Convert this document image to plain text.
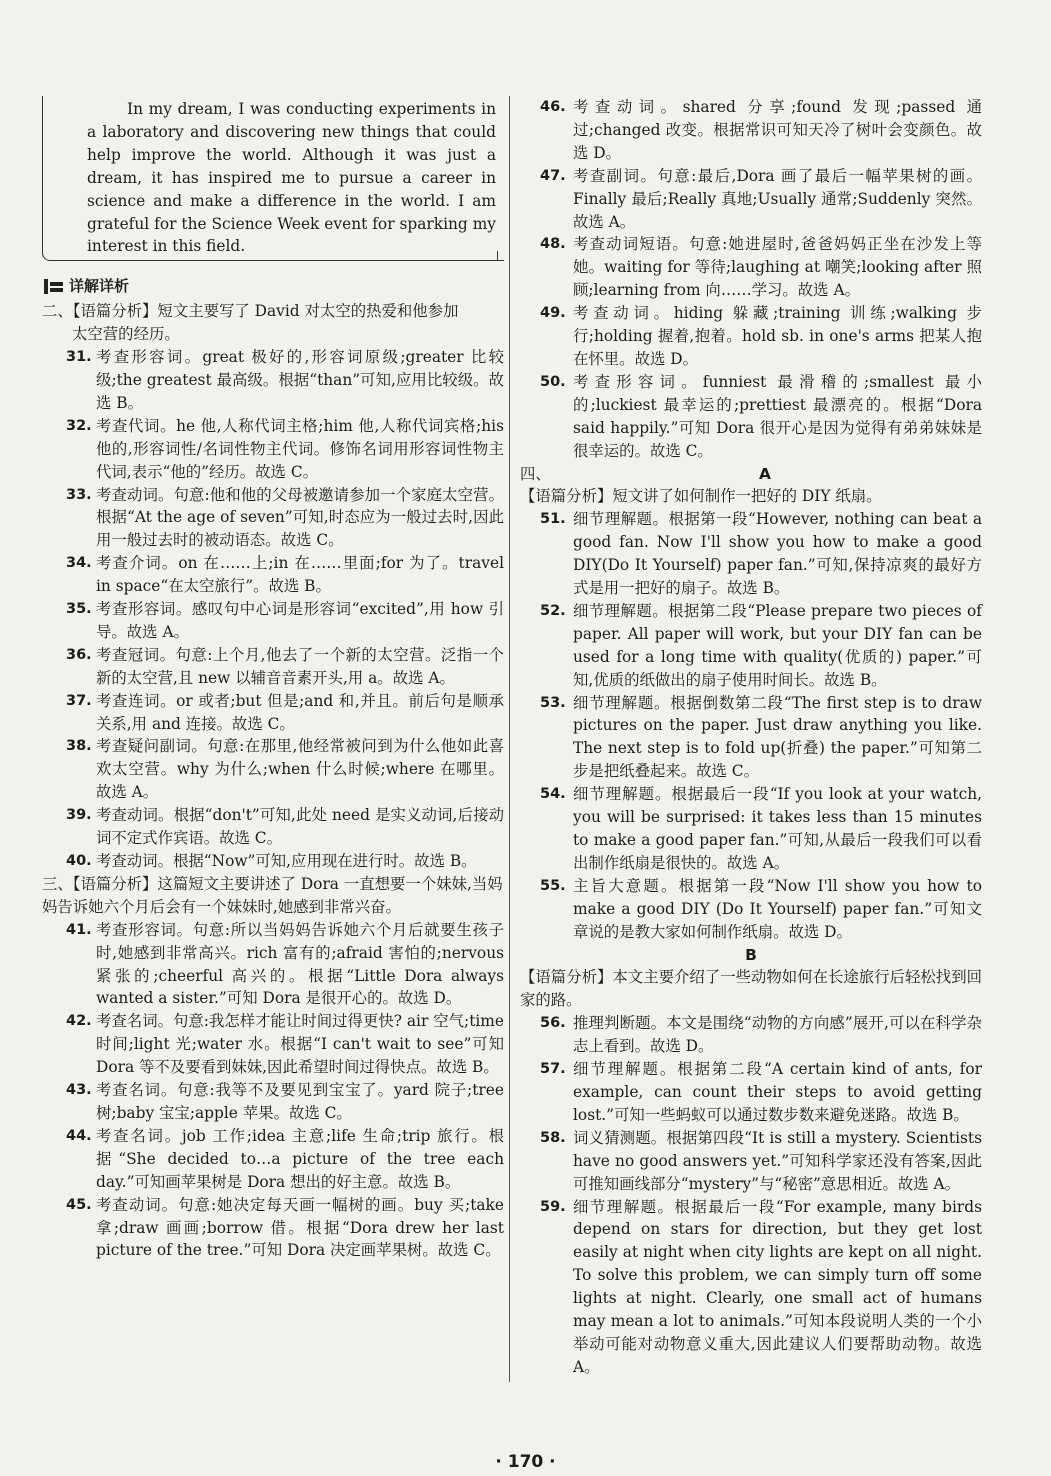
In my dream, I was conducting experiments in a laboratory and discovering new things that could help improve the world. Although it was just a dream, it has inspired me to pursue a career in science and make a difference in the world. I am grateful for the Science Week event for sparking my interest in this field.

详解详析
二、【语篇分析】短文主要写了 David 对太空的热爱和他参加
太空营的经历。
31. 考查形容词。great 极好的,形容词原级;greater 比较级;the greatest 最高级。根据“than”可知,应用比较级。故选 B。
32. 考查代词。he 他,人称代词主格;him 他,人称代词宾格;his 他的,形容词性/名词性物主代词。修饰名词用形容词性物主代词,表示“他的”经历。故选 C。
33. 考查动词。句意:他和他的父母被邀请参加一个家庭太空营。根据“At the age of seven”可知,时态应为一般过去时,因此用一般过去时的被动语态。故选 C。
34. 考查介词。on 在……上;in 在……里面;for 为了。travel in space“在太空旅行”。故选 B。
35. 考查形容词。感叹句中心词是形容词“excited”,用 how 引导。故选 A。
36. 考查冠词。句意:上个月,他去了一个新的太空营。泛指一个新的太空营,且 new 以辅音音素开头,用 a。故选 A。
37. 考查连词。or 或者;but 但是;and 和,并且。前后句是顺承关系,用 and 连接。故选 C。
38. 考查疑问副词。句意:在那里,他经常被问到为什么他如此喜欢太空营。why 为什么;when 什么时候;where 在哪里。故选 A。
39. 考查动词。根据“don't”可知,此处 need 是实义动词,后接动词不定式作宾语。故选 C。
40. 考查动词。根据“Now”可知,应用现在进行时。故选 B。
三、【语篇分析】这篇短文主要讲述了 Dora 一直想要一个妹妹,当妈妈告诉她六个月后会有一个妹妹时,她感到非常兴奋。
41. 考查形容词。句意:所以当妈妈告诉她六个月后就要生孩子时,她感到非常高兴。rich 富有的;afraid 害怕的;nervous 紧张的;cheerful 高兴的。根据“Little Dora always wanted a sister.”可知 Dora 是很开心的。故选 D。
42. 考查名词。句意:我怎样才能让时间过得更快? air 空气;time 时间;light 光;water 水。根据“I can't wait to see”可知 Dora 等不及要看到妹妹,因此希望时间过得快点。故选 B。
43. 考查名词。句意:我等不及要见到宝宝了。yard 院子;tree 树;baby 宝宝;apple 苹果。故选 C。
44. 考查名词。job 工作;idea 主意;life 生命;trip 旅行。根据“She decided to…a picture of the tree each day.”可知画苹果树是 Dora 想出的好主意。故选 B。
45. 考查动词。句意:她决定每天画一幅树的画。buy 买;take 拿;draw 画画;borrow 借。根据“Dora drew her last picture of the tree.”可知 Dora 决定画苹果树。故选 C。
46. 考查动词。shared 分享;found 发现;passed 通过;changed 改变。根据常识可知天冷了树叶会变颜色。故选 D。
47. 考查副词。句意:最后,Dora 画了最后一幅苹果树的画。Finally 最后;Really 真地;Usually 通常;Suddenly 突然。故选 A。
48. 考查动词短语。句意:她进屋时,爸爸妈妈正坐在沙发上等她。waiting for 等待;laughing at 嘲笑;looking after 照顾;learning from 向……学习。故选 A。
49. 考查动词。hiding 躲藏;training 训练;walking 步行;holding 握着,抱着。hold sb. in one's arms 把某人抱在怀里。故选 D。
50. 考查形容词。funniest 最滑稽的;smallest 最小的;luckiest 最幸运的;prettiest 最漂亮的。根据“Dora said happily.”可知 Dora 很开心是因为觉得有弟弟妹妹是很幸运的。故选 C。
四、	A
【语篇分析】短文讲了如何制作一把好的 DIY 纸扇。
51. 细节理解题。根据第一段“However, nothing can beat a good fan. Now I'll show you how to make a good DIY(Do It Yourself) paper fan.”可知,保持凉爽的最好方式是用一把好的扇子。故选 B。
52. 细节理解题。根据第二段“Please prepare two pieces of paper. All paper will work, but your DIY fan can be used for a long time with quality(优质的) paper.”可知,优质的纸做出的扇子使用时间长。故选 B。
53. 细节理解题。根据倒数第二段“The first step is to draw pictures on the paper. Just draw anything you like. The next step is to fold up(折叠) the paper.”可知第二步是把纸叠起来。故选 C。
54. 细节理解题。根据最后一段“If you look at your watch, you will be surprised: it takes less than 15 minutes to make a good paper fan.”可知,从最后一段我们可以看出制作纸扇是很快的。故选 A。
55. 主旨大意题。根据第一段“Now I'll show you how to make a good DIY (Do It Yourself) paper fan.”可知文章说的是教大家如何制作纸扇。故选 D。
B
【语篇分析】本文主要介绍了一些动物如何在长途旅行后轻松找到回家的路。
56. 推理判断题。本文是围绕“动物的方向感”展开,可以在科学杂志上看到。故选 D。
57. 细节理解题。根据第二段“A certain kind of ants, for example, can count their steps to avoid getting lost.”可知一些蚂蚁可以通过数步数来避免迷路。故选 B。
58. 词义猜测题。根据第四段“It is still a mystery. Scientists have no good answers yet.”可知科学家还没有答案,因此可推知画线部分“mystery”与“秘密”意思相近。故选 A。
59. 细节理解题。根据最后一段“For example, many birds depend on stars for direction, but they get lost easily at night when city lights are kept on all night. To solve this problem, we can simply turn off some lights at night. Clearly, one small act of humans may mean a lot to animals.”可知本段说明人类的一个小举动可能对动物意义重大,因此建议人们要帮助动物。故选 A。
· 170 ·
